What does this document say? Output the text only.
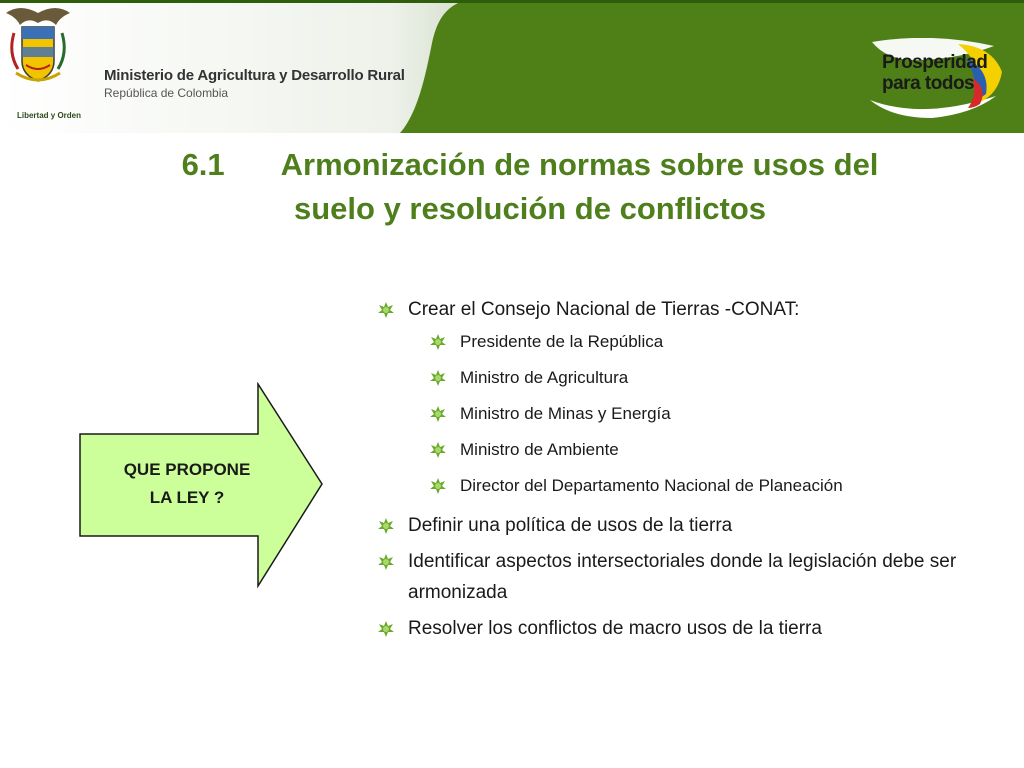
Libertad y Orden
Ministerio de Agricultura y Desarrollo Rural
República de Colombia
Prosperidad
para todos
6.1 Armonización de normas sobre usos del
suelo y resolución de conflictos
QUE PROPONE
LA LEY ?
Crear el Consejo Nacional de Tierras -CONAT:
Presidente de la República
Ministro de Agricultura
Ministro de Minas y Energía
Ministro de Ambiente
Director del Departamento Nacional de Planeación
Definir una política de usos de la tierra
Identificar aspectos intersectoriales donde la legislación debe ser armonizada
Resolver los conflictos de macro usos de la tierra
